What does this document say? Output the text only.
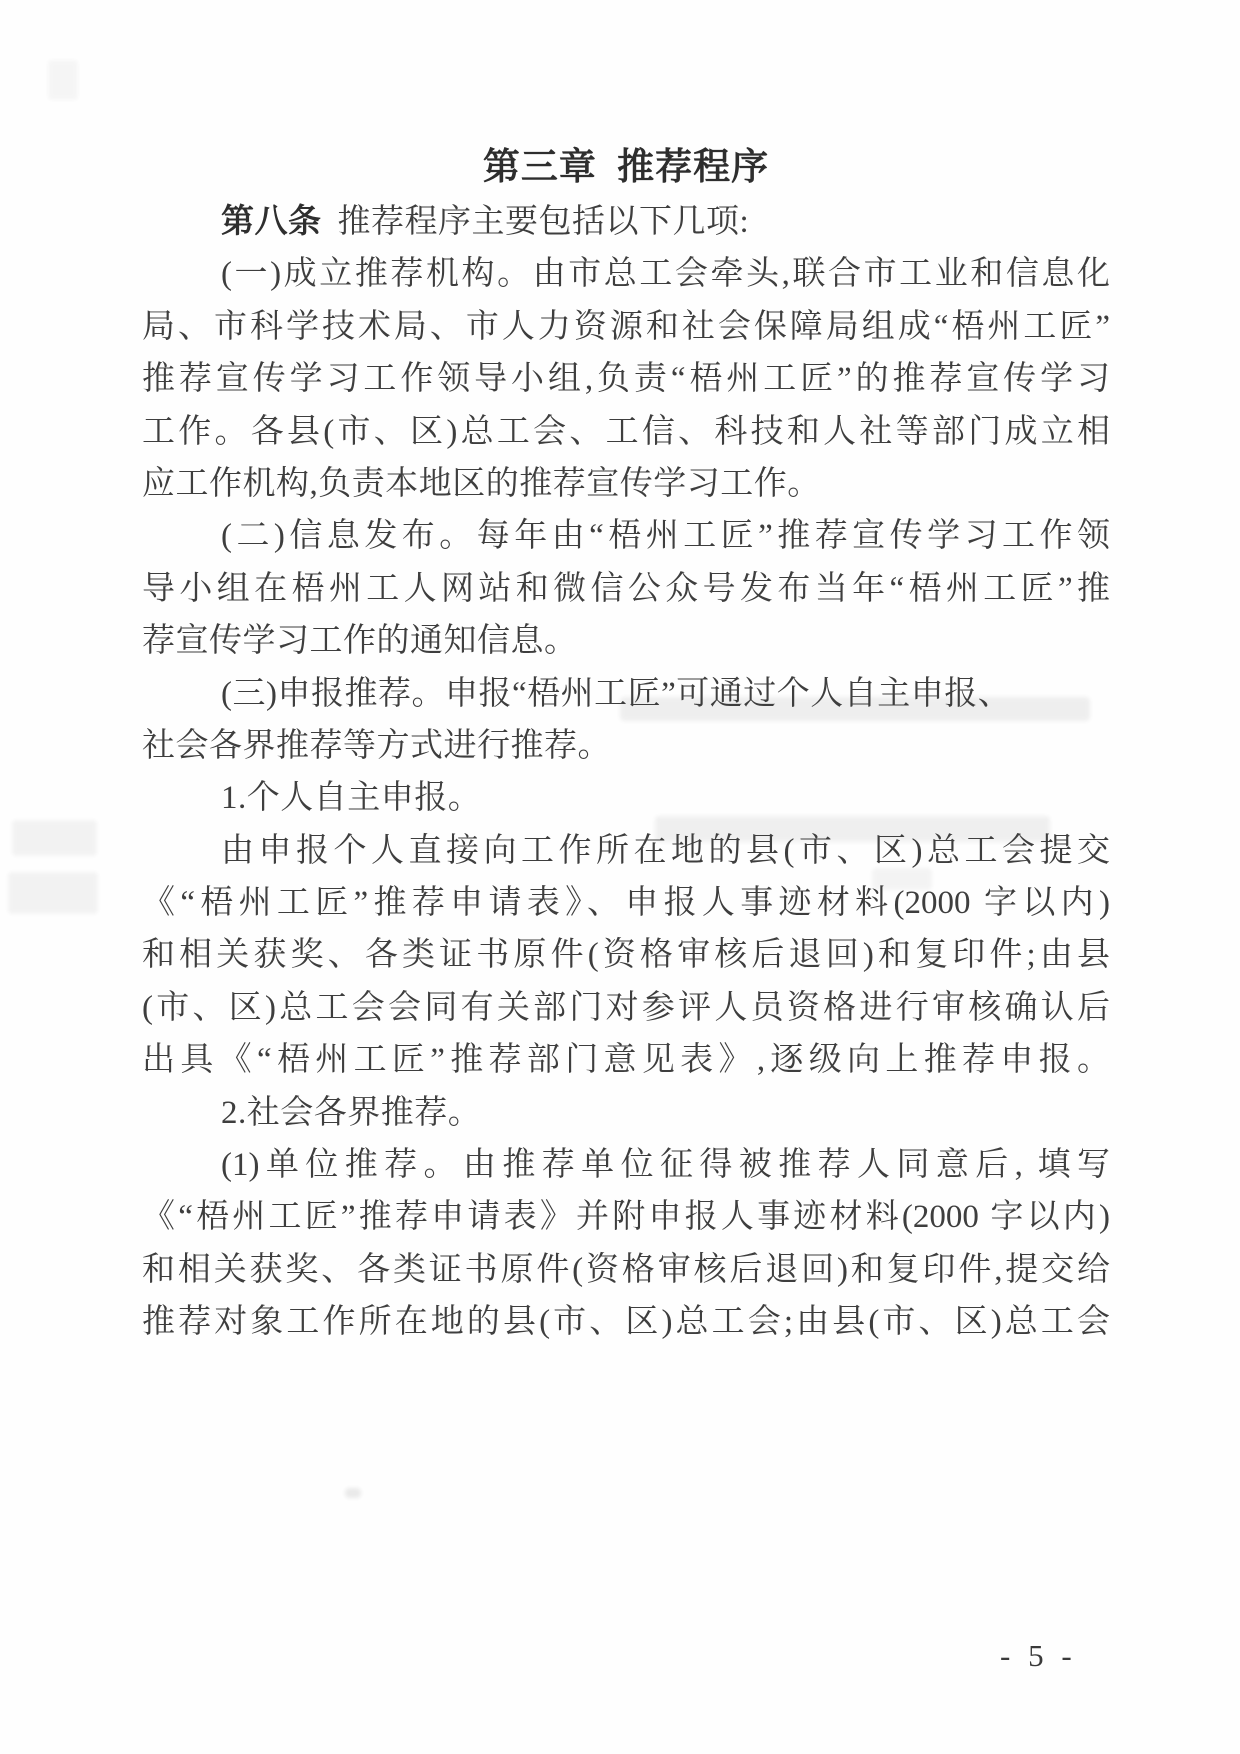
第三章 推荐程序
第八条 推荐程序主要包括以下几项:
(一)成立推荐机构。由市总工会牵头,联合市工业和信息化
局、市科学技术局、市人力资源和社会保障局组成“梧州工匠”
推荐宣传学习工作领导小组,负责“梧州工匠”的推荐宣传学习
工作。各县(市、区)总工会、工信、科技和人社等部门成立相
应工作机构,负责本地区的推荐宣传学习工作。
(二)信息发布。每年由“梧州工匠”推荐宣传学习工作领
导小组在梧州工人网站和微信公众号发布当年“梧州工匠”推
荐宣传学习工作的通知信息。
(三)申报推荐。申报“梧州工匠”可通过个人自主申报、
社会各界推荐等方式进行推荐。
1.个人自主申报。
由申报个人直接向工作所在地的县(市、区)总工会提交
《“梧州工匠”推荐申请表》、申报人事迹材料(2000 字以内)
和相关获奖、各类证书原件(资格审核后退回)和复印件;由县
(市、区)总工会会同有关部门对参评人员资格进行审核确认后
出具《“梧州工匠”推荐部门意见表》,逐级向上推荐申报。
2.社会各界推荐。
(1)单位推荐。由推荐单位征得被推荐人同意后, 填写
《“梧州工匠”推荐申请表》并附申报人事迹材料(2000 字以内)
和相关获奖、各类证书原件(资格审核后退回)和复印件,提交给
推荐对象工作所在地的县(市、区)总工会;由县(市、区)总工会
- 5 -
